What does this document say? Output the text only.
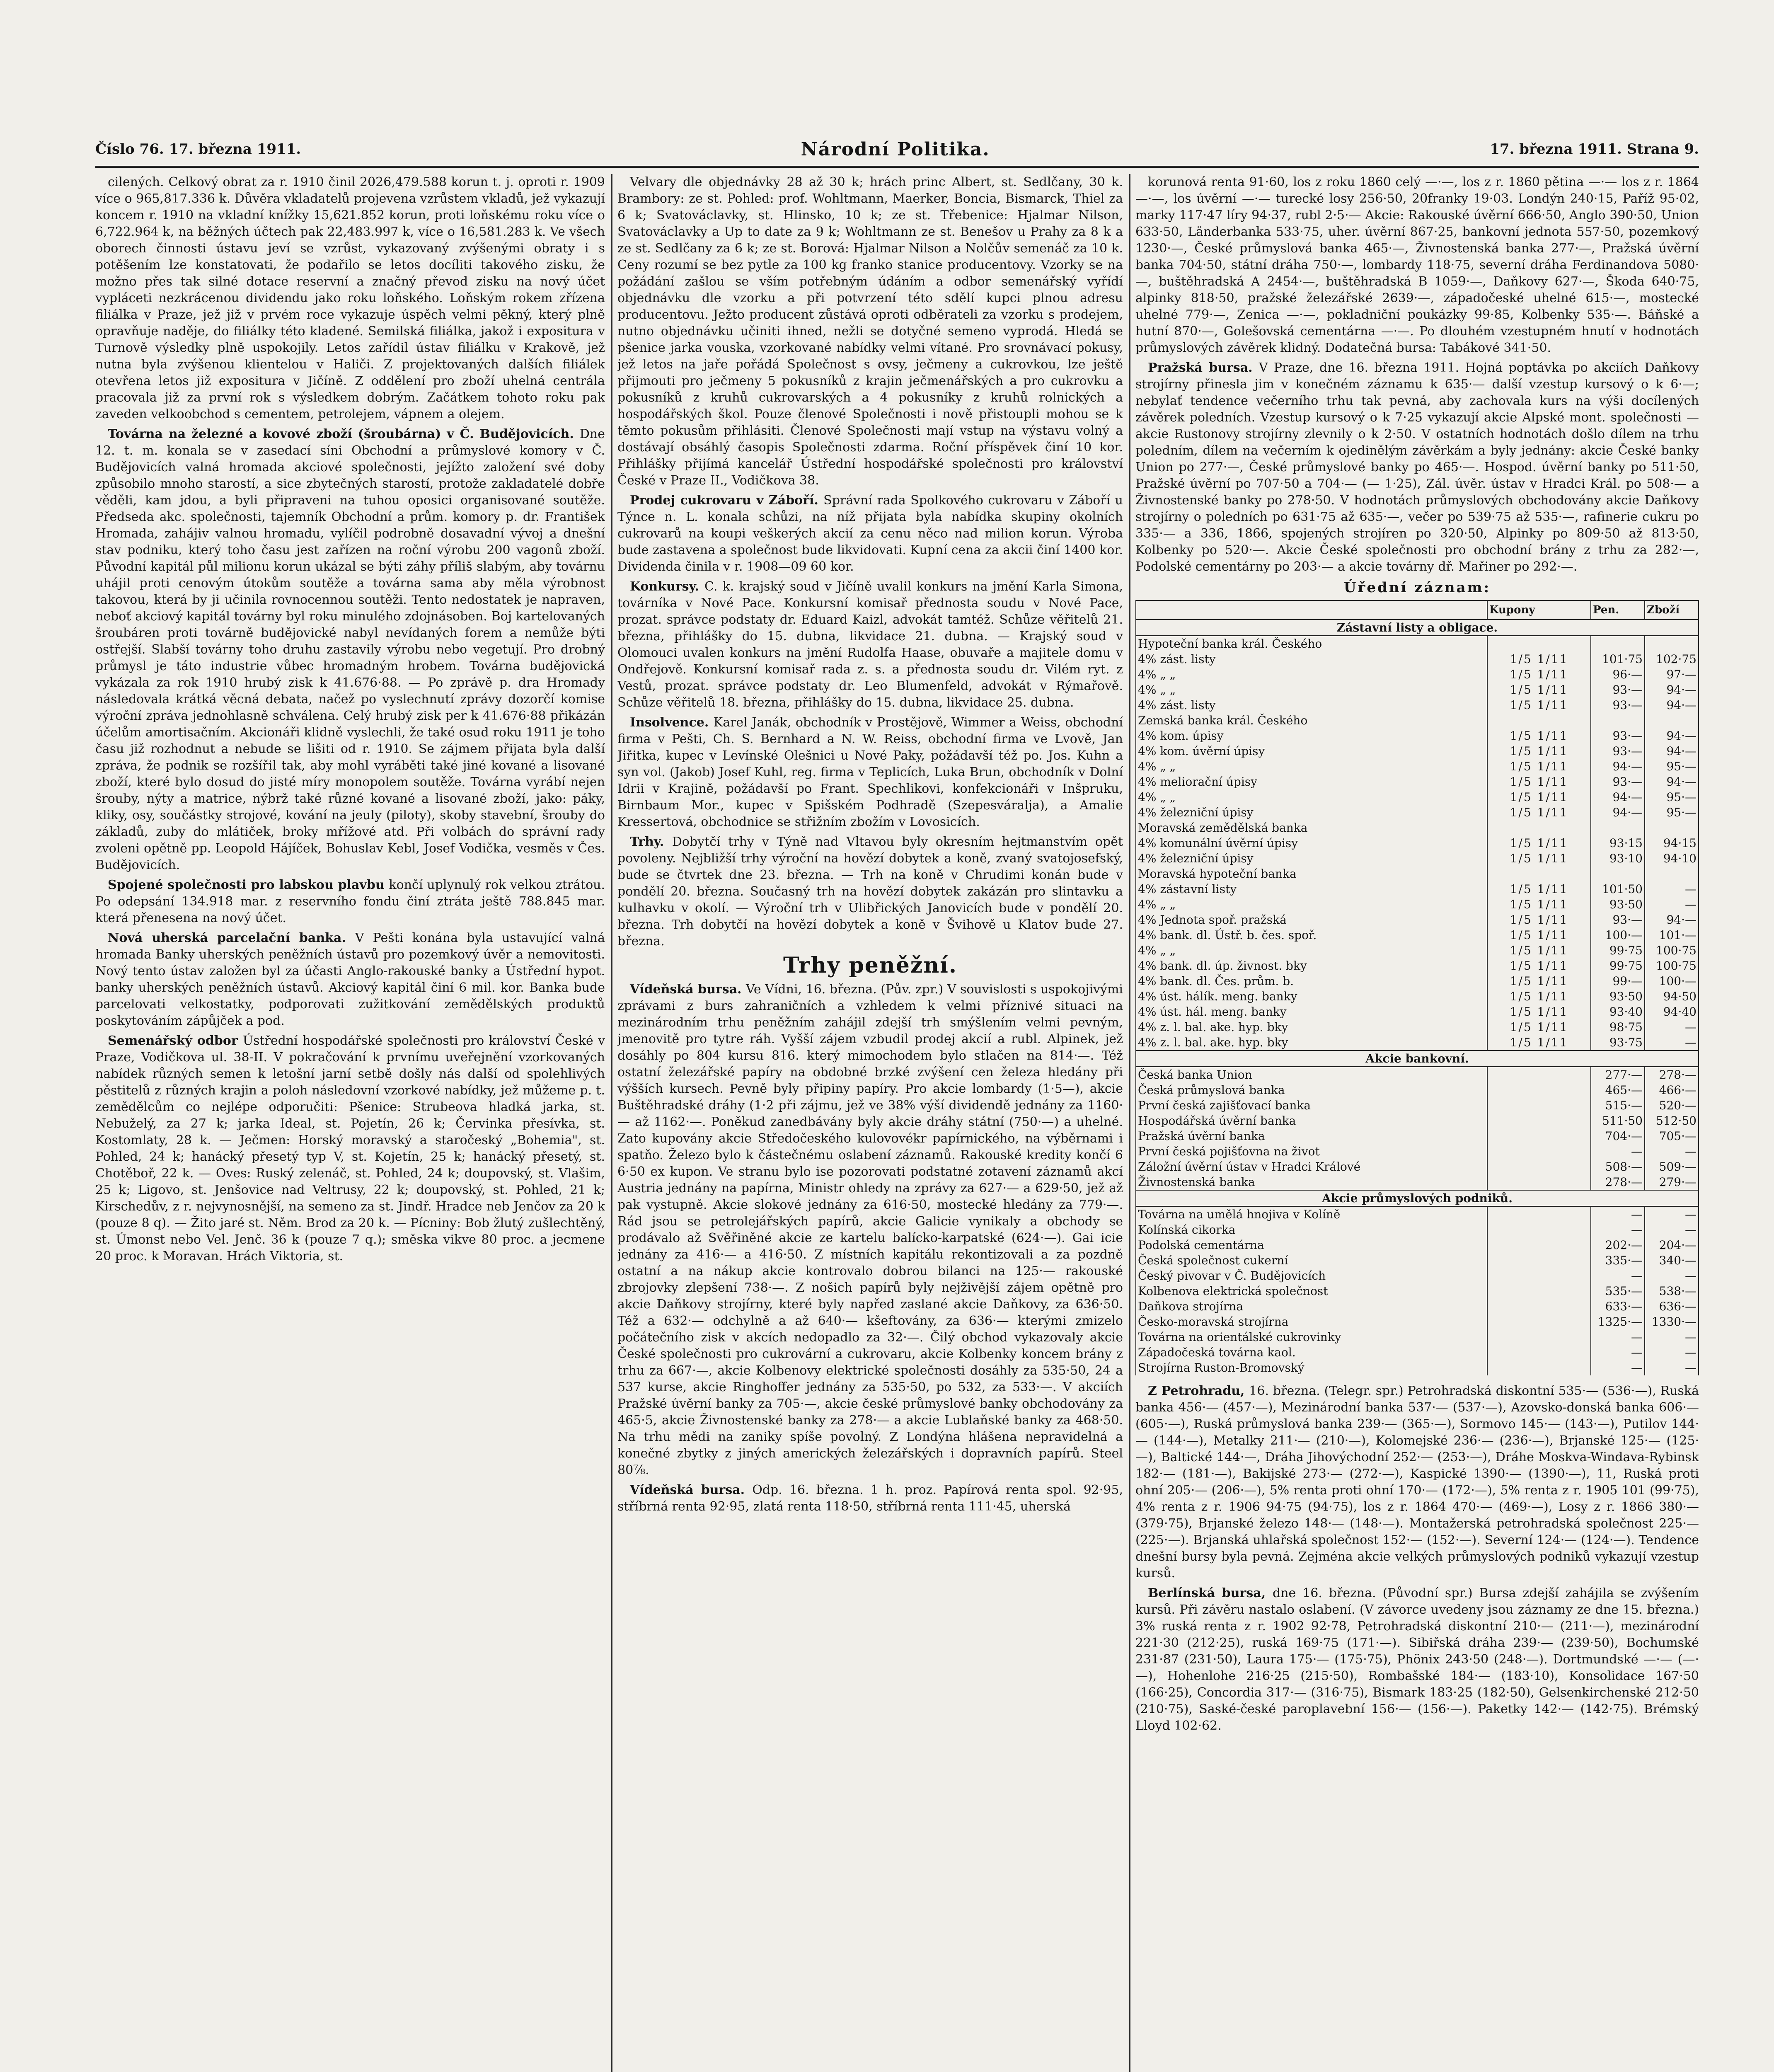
Číslo 76. 17. března 1911.	Národní Politika.	17. března 1911. Strana 9.

cilených. Celkový obrat za r. 1910 činil 2026,479.588 korun t. j. oproti r. 1909 více o 965,817.336 k. Důvěra vkladatelů projevena vzrůstem vkladů, jež vykazují koncem r. 1910 na vkladní knížky 15,621.852 korun, proti loňskému roku více o 6,722.964 k, na běžných účtech pak 22,483.997 k, více o 16,581.283 k. Ve všech oborech činnosti ústavu jeví se vzrůst, vykazovaný zvýšenými obraty i s potěšením lze konstatovati, že podařilo se letos docíliti takového zisku, že možno přes tak silné dotace reservní a značný převod zisku na nový účet vypláceti nezkrácenou dividendu jako roku loňského. Loňským rokem zřízena filiálka v Praze, jež již v prvém roce vykazuje úspěch velmi pěkný, který plně opravňuje naděje, do filiálky této kladené. Semilská filiálka, jakož i expositura v Turnově výsledky plně uspokojily. Letos zařídil ústav filiálku v Krakově, jež nutna byla zvýšenou klientelou v Haliči. Z projektovaných dalších filiálek otevřena letos již expositura v Jičíně. Z oddělení pro zboží uhelná centrála pracovala již za první rok s výsledkem dobrým. Začátkem tohoto roku pak zaveden velkoobchod s cementem, petrolejem, vápnem a olejem.

Továrna na železné a kovové zboží (šroubárna) v Č. Budějovicích. Dne 12. t. m. konala se v zasedací síni Obchodní a průmyslové komory v Č. Budějovicích valná hromada akciové společnosti, jejížto založení své doby způsobilo mnoho starostí, a sice zbytečných starostí, protože zakladatelé dobře věděli, kam jdou, a byli připraveni na tuhou oposici organisované soutěže. Předseda akc. společnosti, tajemník Obchodní a prům. komory p. dr. František Hromada, zahájiv valnou hromadu, vylíčil podrobně dosavadní vývoj a dnešní stav podniku, který toho času jest zařízen na roční výrobu 200 vagonů zboží. Původní kapitál půl milionu korun ukázal se býti záhy příliš slabým, aby továrnu uhájil proti cenovým útokům soutěže a továrna sama aby měla výrobnost takovou, která by ji učinila rovnocennou soutěži. Tento nedostatek je napraven, neboť akciový kapitál továrny byl roku minulého zdojnásoben. Boj kartelovaných šroubáren proti továrně budějovické nabyl nevídaných forem a nemůže býti ostřejší. Slabší továrny toho druhu zastavily výrobu nebo vegetují. Pro drobný průmysl je táto industrie vůbec hromadným hrobem. Továrna budějovická vykázala za rok 1910 hrubý zisk k 41.676·88. — Po zprávě p. dra Hromady následovala krátká věcná debata, načež po vyslechnutí zprávy dozorčí komise výroční zpráva jednohlasně schválena. Celý hrubý zisk per k 41.676·88 přikázán účelům amortisačním. Akcionáři klidně vyslechli, že také osud roku 1911 je toho času již rozhodnut a nebude se lišiti od r. 1910. Se zájmem přijata byla další zpráva, že podnik se rozšířil tak, aby mohl vyráběti také jiné kované a lisované zboží, které bylo dosud do jisté míry monopolem soutěže. Továrna vyrábí nejen šrouby, nýty a matrice, nýbrž také různé kované a lisované zboží, jako: páky, kliky, osy, součástky strojové, kování na jeuly (piloty), skoby stavební, šrouby do základů, zuby do mlátiček, broky mřížové atd. Při volbách do správní rady zvoleni opětně pp. Leopold Hájíček, Bohuslav Kebl, Josef Vodička, vesměs v Čes. Budějovicích.

Spojené společnosti pro labskou plavbu končí uplynulý rok velkou ztrátou. Po odepsání 134.918 mar. z reservního fondu činí ztráta ještě 788.845 mar. která přenesena na nový účet.

Nová uherská parcelační banka. V Pešti konána byla ustavující valná hromada Banky uherských peněžních ústavů pro pozemkový úvěr a nemovitosti. Nový tento ústav založen byl za účasti Anglo-rakouské banky a Ústřední hypot. banky uherských peněžních ústavů. Akciový kapitál činí 6 mil. kor. Banka bude parcelovati velkostatky, podporovati zužitkování zemědělských produktů poskytováním zápůjček a pod.

Semenářský odbor Ústřední hospodářské společnosti pro království České v Praze, Vodičkova ul. 38-II. V pokračování k prvnímu uveřejnění vzorkovaných nabídek různých semen k letošní jarní setbě došly nás další od spolehlivých pěstitelů z různých krajin a poloh následovní vzorkové nabídky, jež můžeme p. t. zemědělcům co nejlépe odporučiti: Pšenice: Strubeova hladká jarka, st. Nebuželý, za 27 k; jarka Ideal, st. Pojetín, 26 k; Červinka přesívka, st. Kostomlaty, 28 k. — Ječmen: Horský moravský a staročeský „Bohemia", st. Pohled, 24 k; hanácký přesetý typ V, st. Kojetín, 25 k; hanácký přesetý, st. Chotěboř, 22 k. — Oves: Ruský zelenáč, st. Pohled, 24 k; doupovský, st. Vlašim, 25 k; Ligovo, st. Jenšovice nad Veltrusy, 22 k; doupovský, st. Pohled, 21 k; Kirschedův, z r. nejvynosnější, na semeno za st. Jindř. Hradce neb Jenčov za 20 k (pouze 8 q). — Žito jaré st. Něm. Brod za 20 k. — Pícniny: Bob žlutý zušlechtěný, st. Úmonst nebo Vel. Jenč. 36 k (pouze 7 q.); směska vikve 80 proc. a jecmene 20 proc. k Moravan. Hrách Viktoria, st.

Velvary dle objednávky 28 až 30 k; hrách princ Albert, st. Sedlčany, 30 k. Brambory: ze st. Pohled: prof. Wohltmann, Maerker, Boncia, Bismarck, Thiel za 6 k; Svatováclavky, st. Hlinsko, 10 k; ze st. Třebenice: Hjalmar Nilson, Svatováclavky a Up to date za 9 k; Wohltmann ze st. Benešov u Prahy za 8 k a ze st. Sedlčany za 6 k; ze st. Borová: Hjalmar Nilson a Nolčův semenáč za 10 k. Ceny rozumí se bez pytle za 100 kg franko stanice producentovy. Vzorky se na požádání zašlou se vším potřebným údáním a odbor semenářský vyřídí objednávku dle vzorku a při potvrzení této sdělí kupci plnou adresu producentovu. Ježto producent zůstává oproti odběrateli za vzorku s prodejem, nutno objednávku učiniti ihned, nežli se dotyčné semeno vyprodá. Hledá se pšenice jarka vouska, vzorkované nabídky velmi vítané. Pro srovnávací pokusy, jež letos na jaře pořádá Společnost s ovsy, ječmeny a cukrovkou, lze ještě přijmouti pro ječmeny 5 pokusníků z krajin ječmenářských a pro cukrovku a pokusníků z kruhů cukrovarských a 4 pokusníky z kruhů rolnických a hospodářských škol. Pouze členové Společnosti i nově přistoupli mohou se k těmto pokusům přihlásiti. Členové Společnosti mají vstup na výstavu volný a dostávají obsáhlý časopis Společnosti zdarma. Roční příspěvek činí 10 kor. Přihlášky přijímá kancelář Ústřední hospodářské společnosti pro království České v Praze II., Vodičkova 38.

Prodej cukrovaru v Záboří. Správní rada Spolkového cukrovaru v Záboří u Týnce n. L. konala schůzi, na níž přijata byla nabídka skupiny okolních cukrovarů na koupi veškerých akcií za cenu něco nad milion korun. Výroba bude zastavena a společnost bude likvidovati. Kupní cena za akcii činí 1400 kor. Dividenda činila v r. 1908—09 60 kor.

Konkursy. C. k. krajský soud v Jičíně uvalil konkurs na jmění Karla Simona, továrníka v Nové Pace. Konkursní komisař přednosta soudu v Nové Pace, prozat. správce podstaty dr. Eduard Kaizl, advokát tamtéž. Schůze věřitelů 21. března, přihlášky do 15. dubna, likvidace 21. dubna. — Krajský soud v Olomouci uvalen konkurs na jmění Rudolfa Haase, obuvaře a majitele domu v Ondřejově. Konkursní komisař rada z. s. a přednosta soudu dr. Vilém ryt. z Vestů, prozat. správce podstaty dr. Leo Blumenfeld, advokát v Rýmařově. Schůze věřitelů 18. března, přihlášky do 15. dubna, likvidace 25. dubna.

Insolvence. Karel Janák, obchodník v Prostějově, Wimmer a Weiss, obchodní firma v Pešti, Ch. S. Bernhard a N. W. Reiss, obchodní firma ve Lvově, Jan Jiřitka, kupec v Levínské Olešnici u Nové Paky, požádavší též po. Jos. Kuhn a syn vol. (Jakob) Josef Kuhl, reg. firma v Teplicích, Luka Brun, obchodník v Dolní Idrii v Krajině, požádavší po Frant. Spechlikovi, konfekcionáři v Inšpruku, Birnbaum Mor., kupec v Spišském Podhradě (Szepesváralja), a Amalie Kressertová, obchodnice se střižním zbožím v Lovosicích.

Trhy. Dobytčí trhy v Týně nad Vltavou byly okresním hejtmanstvím opět povoleny. Nejbližší trhy výroční na hovězí dobytek a koně, zvaný svatojosefský, bude se čtvrtek dne 23. března. — Trh na koně v Chrudimi konán bude v pondělí 20. března. Současný trh na hovězí dobytek zakázán pro slintavku a kulhavku v okolí. — Výroční trh v Ulibřických Janovicích bude v pondělí 20. března. Trh dobytčí na hovězí dobytek a koně v Švihově u Klatov bude 27. března.

Trhy peněžní.

Vídeňská bursa. Ve Vídni, 16. března. (Pův. zpr.) V souvislosti s uspokojivými zprávami z burs zahraničních a vzhledem k velmi příznivé situaci na mezinárodním trhu peněžním zahájil zdejší trh smýšlením velmi pevným, jmenovitě pro tytre ráh. Vyšší zájem vzbudil prodej akcií a rubl. Alpinek, jež dosáhly po 804 kursu 816. který mimochodem bylo stlačen na 814·—. Též ostatní železářské papíry na obdobné brzké zvýšení cen železa hledány při výšších kursech. Pevně byly připiny papíry. Pro akcie lombardy (1·5—), akcie Buštěhradské dráhy (1·2 při zájmu, jež ve 38% výší dividendě jednány za 1160·— až 1162·—. Poněkud zanedbávány byly akcie dráhy státní (750·—) a uhelné. Zato kupovány akcie Středočeského kulovovékr papírnického, na výběrnami i spatňo. Železo bylo k částečnému oslabení záznamů. Rakouské kredity končí 6 6·50 ex kupon. Ve stranu bylo ise pozorovati podstatné zotavení záznamů akcí Austria jednány na papírna, Ministr ohledy na zprávy za 627·— a 629·50, jež až pak vystupně. Akcie slokové jednány za 616·50, mostecké hledány za 779·—. Rád jsou se petrolejářských papírů, akcie Galicie vynikaly a obchody se prodávalo až Svěřiněné akcie ze kartelu balícko-karpatské (624·—). Gai icie jednány za 416·— a 416·50. Z místních kapitálu rekontizovali a za pozdně ostatní a na nákup akcie kontrovalo dobrou bilanci na 125·— rakouské zbrojovky zlepšení 738·—. Z nošich papírů byly nejživější zájem opětně pro akcie Daňkovy strojírny, které byly napřed zaslané akcie Daňkovy, za 636·50. Též a 632·— odchylně a až 640·— kšeftovány, za 636·— kterými zmizelo počátečního zisk v akcích nedopadlo za 32·—. Čilý obchod vykazovaly akcie České společnosti pro cukrovární a cukrovaru, akcie Kolbenky koncem brány z trhu za 667·—, akcie Kolbenovy elektrické společnosti dosáhly za 535·50, 24 a 537 kurse, akcie Ringhoffer jednány za 535·50, po 532, za 533·—. V akciích Pražské úvěrní banky za 705·—, akcie české průmyslové banky obchodovány za 465·5, akcie Živnostenské banky za 278·— a akcie Lublaňské banky za 468·50. Na trhu mědi na zaniky spíše povolný. Z Londýna hlášena nepravidelná a konečné zbytky z jiných amerických železářských i dopravních papírů. Steel 80⅞.

Vídeňská bursa. Odp. 16. března. 1 h. proz. Papírová renta spol. 92·95, stříbrná renta 92·95, zlatá renta 118·50, stříbrná renta 111·45, uherská

korunová renta 91·60, los z roku 1860 celý —·—, los z r. 1860 pětina —·— los z r. 1864 —·—, los úvěrní —·— turecké losy 256·50, 20franky 19·03. Londýn 240·15, Paříž 95·02, marky 117·47 líry 94·37, rubl 2·5·— Akcie: Rakouské úvěrní 666·50, Anglo 390·50, Union 633·50, Länderbanka 533·75, uher. úvěrní 867·25, bankovní jednota 557·50, pozemkový 1230·—, České průmyslová banka 465·—, Živnostenská banka 277·—, Pražská úvěrní banka 704·50, státní dráha 750·—, lombardy 118·75, severní dráha Ferdinandova 5080·—, buštěhradská A 2454·—, buštěhradská B 1059·—, Daňkovy 627·—, Škoda 640·75, alpinky 818·50, pražské železářské 2639·—, západočeské uhelné 615·—, mostecké uhelné 779·—, Zenica —·—, pokladniční poukázky 99·85, Kolbenky 535·—. Báňské a hutní 870·—, Golešovská cementárna —·—. Po dlouhém vzestupném hnutí v hodnotách průmyslových závěrek klidný. Dodatečná bursa: Tabákové 341·50.

Pražská bursa. V Praze, dne 16. března 1911. Hojná poptávka po akciích Daňkovy strojírny přinesla jim v konečném záznamu k 635·— další vzestup kursový o k 6·—; nebylať tendence večerního trhu tak pevná, aby zachovala kurs na výši docílených závěrek poledních. Vzestup kursový o k 7·25 vykazují akcie Alpské mont. společnosti — akcie Rustonovy strojírny zlevnily o k 2·50. V ostatních hodnotách došlo dílem na trhu poledním, dílem na večerním k ojedinělým závěrkám a byly jednány: akcie České banky Union po 277·—, České průmyslové banky po 465·—. Hospod. úvěrní banky po 511·50, Pražské úvěrní po 707·50 a 704·— (— 1·25), Zál. úvěr. ústav v Hradci Král. po 508·— a Živnostenské banky po 278·50. V hodnotách průmyslových obchodovány akcie Daňkovy strojírny o poledních po 631·75 až 635·—, večer po 539·75 až 535·—, rafinerie cukru po 335·— a 336, 1866, spojených strojíren po 320·50, Alpinky po 809·50 až 813·50, Kolbenky po 520·—. Akcie České společnosti pro obchodní brány z trhu za 282·—, Podolské cementárny po 203·— a akcie továrny dř. Mařiner po 292·—.

Úřední záznam:
	Kupony	Pen.	Zboží
Zástavní listy a obligace.			
Hypoteční banka král. Českého			
4% zást. listy	1/5 1/11	101·75	102·75
4% „ „	1/5 1/11	96·—	97·—
4% „ „	1/5 1/11	93·—	94·—
4% zást. listy	1/5 1/11	93·—	94·—
Zemská banka král. Českého			
4% kom. úpisy	1/5 1/11	93·—	94·—
4% kom. úvěrní úpisy	1/5 1/11	93·—	94·—
4% „ „	1/5 1/11	94·—	95·—
4% meliorační úpisy	1/5 1/11	93·—	94·—
4% „ „	1/5 1/11	94·—	95·—
4% železniční úpisy	1/5 1/11	94·—	95·—
Moravská zemědělská banka			
4% komunální úvěrní úpisy	1/5 1/11	93·15	94·15
4% železniční úpisy	1/5 1/11	93·10	94·10
Moravská hypoteční banka			
4% zástavní listy	1/5 1/11	101·50	—
4% „ „	1/5 1/11	93·50	—
4% Jednota spoř. pražská	1/5 1/11	93·—	94·—
4% bank. dl. Ústř. b. čes. spoř.	1/5 1/11	100·—	101·—
4% „ „	1/5 1/11	99·75	100·75
4% bank. dl. úp. živnost. bky	1/5 1/11	99·75	100·75
4% bank. dl. Čes. prům. b.	1/5 1/11	99·—	100·—
4% úst. hálík. meng. banky	1/5 1/11	93·50	94·50
4% úst. hál. meng. banky	1/5 1/11	93·40	94·40
4% z. l. bal. ake. hyp. bky	1/5 1/11	98·75	—
4% z. l. bal. ake. hyp. bky	1/5 1/11	93·75	—
Akcie bankovní.			
Česká banka Union		277·—	278·—
Česká průmyslová banka		465·—	466·—
První česká zajišťovací banka		515·—	520·—
Hospodářská úvěrní banka		511·50	512·50
Pražská úvěrní banka		704·—	705·—
První česká pojišťovna na život		—	—
Záložní úvěrní ústav v Hradci Králové		508·—	509·—
Živnostenská banka		278·—	279·—
Akcie průmyslových podniků.			
Továrna na umělá hnojiva v Kolíně		—	—
Kolínská cikorka		—	—
Podolská cementárna		202·—	204·—
Česká společnost cukerní		335·—	340·—
Český pivovar v Č. Budějovicích		—	—
Kolbenova elektrická společnost		535·—	538·—
Daňkova strojírna		633·—	636·—
Česko-moravská strojírna		1325·—	1330·—
Továrna na orientálské cukrovinky		—	—
Západočeská továrna kaol.		—	—
Strojírna Ruston-Bromovský		—	—

Z Petrohradu, 16. března. (Telegr. spr.) Petrohradská diskontní 535·— (536·—), Ruská banka 456·— (457·—), Mezinárodní banka 537·— (537·—), Azovsko-donská banka 606·— (605·—), Ruská průmyslová banka 239·— (365·—), Sormovo 145·— (143·—), Putilov 144·— (144·—), Metalky 211·— (210·—), Kolomejské 236·— (236·—), Brjanské 125·— (125·—), Baltické 144·—, Dráha Jihovýchodní 252·— (253·—), Dráhe Moskva-Windava-Rybinsk 182·— (181·—), Bakijské 273·— (272·—), Kaspické 1390·— (1390·—), 11, Ruská proti ohní 205·— (206·—), 5% renta proti ohní 170·— (172·—), 5% renta z r. 1905 101 (99·75), 4% renta z r. 1906 94·75 (94·75), los z r. 1864 470·— (469·—), Losy z r. 1866 380·— (379·75), Brjanské železo 148·— (148·—). Montažerská petrohradská společnost 225·— (225·—). Brjanská uhlařská společnost 152·— (152·—). Severní 124·— (124·—). Tendence dnešní bursy byla pevná. Zejména akcie velkých průmyslových podniků vykazují vzestup kursů.

Berlínská bursa, dne 16. března. (Původní spr.) Bursa zdejší zahájila se zvýšením kursů. Při závěru nastalo oslabení. (V závorce uvedeny jsou záznamy ze dne 15. března.) 3% ruská renta z r. 1902 92·78, Petrohradská diskontní 210·— (211·—), mezinárodní 221·30 (212·25), ruská 169·75 (171·—). Sibiřská dráha 239·— (239·50), Bochumské 231·87 (231·50), Laura 175·— (175·75), Phönix 243·50 (248·—). Dortmundské —·— (—·—), Hohenlohe 216·25 (215·50), Rombašské 184·— (183·10), Konsolidace 167·50 (166·25), Concordia 317·— (316·75), Bismark 183·25 (182·50), Gelsenkirchenské 212·50 (210·75), Saské-české paroplavební 156·— (156·—). Paketky 142·— (142·75). Brémský Lloyd 102·62.
